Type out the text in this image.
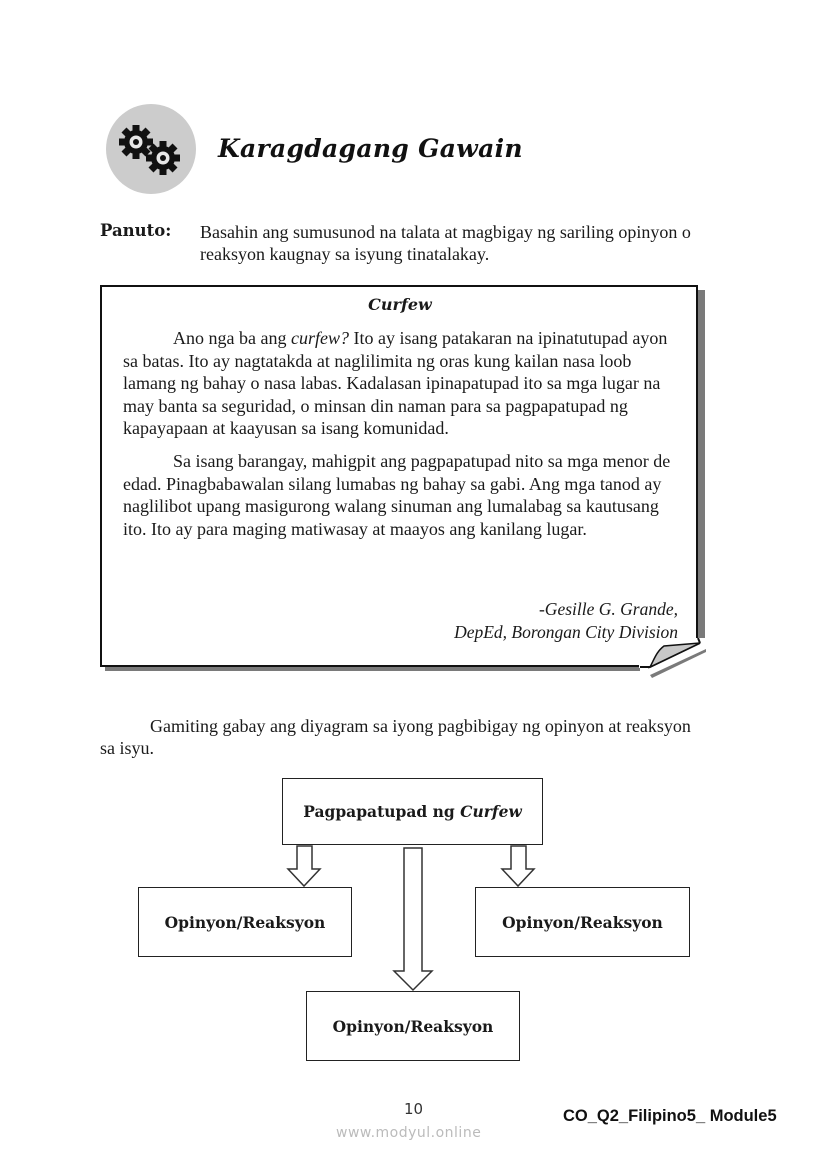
Karagdagang Gawain
Panuto: Basahin ang sumusunod na talata at magbigay ng sariling opinyon o reaksyon kaugnay sa isyung tinatalakay.
Curfew

Ano nga ba ang curfew? Ito ay isang patakaran na ipinatutupad ayon sa batas. Ito ay nagtatakda at naglilimita ng oras kung kailan nasa loob lamang ng bahay o nasa labas. Kadalasan ipinapatupad ito sa mga lugar na may banta sa seguridad, o minsan din naman para sa pagpapatupad ng kapayapaan at kaayusan sa isang komunidad.

Sa isang barangay, mahigpit ang pagpapatupad nito sa mga menor de edad. Pinagbabawalan silang lumabas ng bahay sa gabi. Ang mga tanod ay naglilibot upang masigurong walang sinuman ang lumalabag sa kautusang ito. Ito ay para maging matiwasay at maayos ang kanilang lugar.

-Gesille G. Grande,
DepEd, Borongan City Division
Gamiting gabay ang diyagram sa iyong pagbibigay ng opinyon at reaksyon sa isyu.
Pagpapatupad ng Curfew
Opinyon/Reaksyon	Opinyon/Reaksyon
Opinyon/Reaksyon
10	CO_Q2_Filipino5_ Module5
www.modyul.online
